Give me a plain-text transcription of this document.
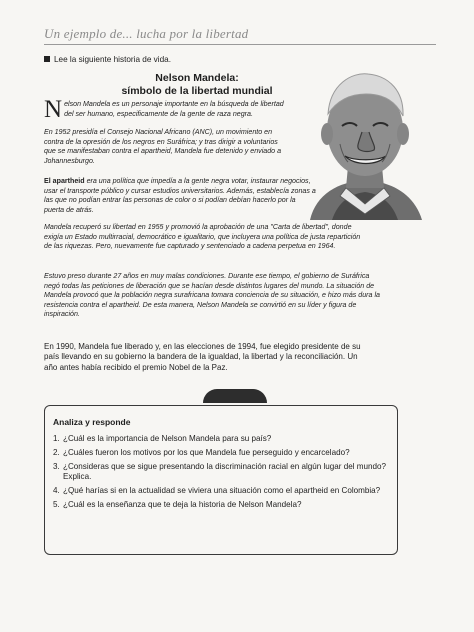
Un ejemplo de... lucha por la libertad
Lee la siguiente historia de vida.
Nelson Mandela:
símbolo de la libertad mundial
Nelson Mandela es un personaje importante en la búsqueda de libertad del ser humano, especificamente de la gente de raza negra.
En 1952 presidía el Consejo Nacional Africano (ANC), un movimiento en contra de la opresión de los negros en Suráfrica; y tras dirigir a voluntarios que se manifestaban contra el apartheid, Mandela fue detenido y enviado a Johannesburgo.
El apartheid era una política que impedía a la gente negra votar, instaurar negocios, usar el transporte público y cursar estudios universitarios. Además, establecía zonas a las que no podían entrar las personas de color o si podían debían hacerlo por la puerta de atrás.
Mandela recuperó su libertad en 1955 y promovió la aprobación de una "Carta de libertad", donde exigía un Estado multirracial, democrático e igualitario, que incluyera una política de justa repartición de las riquezas. Pero, nuevamente fue capturado y sentenciado a cadena perpetua en 1964.
Estuvo preso durante 27 años en muy malas condiciones. Durante ese tiempo, el gobierno de Suráfrica negó todas las peticiones de liberación que se hacían desde distintos lugares del mundo. La situación de Mandela provocó que la población negra surafricana tomara conciencia de su situación, e hizo más dura la resistencia contra el apartheid. De esta manera, Nelson Mandela se convirtió en su líder y figura de inspiración.
En 1990, Mandela fue liberado y, en las elecciones de 1994, fue elegido presidente de su país llevando en su gobierno la bandera de la igualdad, la libertad y la reconciliación. Un año antes había recibido el premio Nobel de la Paz.
Analiza y responde
1. ¿Cuál es la importancia de Nelson Mandela para su país?
2. ¿Cuáles fueron los motivos por los que Mandela fue perseguido y encarcelado?
3. ¿Consideras que se sigue presentando la discriminación racial en algún lugar del mundo? Explica.
4. ¿Qué harías si en la actualidad se viviera una situación como el apartheid en Colombia?
5. ¿Cuál es la enseñanza que te deja la historia de Nelson Mandela?
